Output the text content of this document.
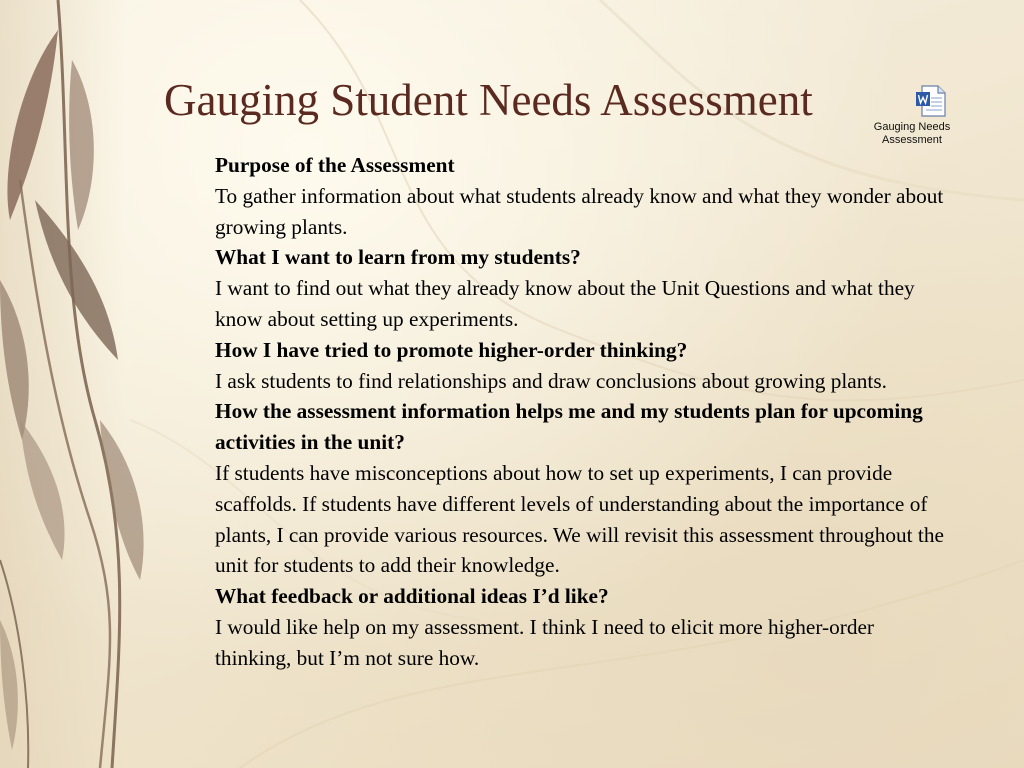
Gauging Student Needs Assessment
Gauging Needs
Assessment

Purpose of the Assessment

To gather information about what students already know and what they wonder about growing plants.

What I want to learn from my students?

I want to find out what they already know about the Unit Questions and what they know about setting up experiments.

How I have tried to promote higher-order thinking?

I ask students to find relationships and draw conclusions about growing plants.

How the assessment information helps me and my students plan for upcoming activities in the unit?

If students have misconceptions about how to set up experiments, I can provide scaffolds. If students have different levels of understanding about the importance of plants, I can provide various resources. We will revisit this assessment throughout the unit for students to add their knowledge.

What feedback or additional ideas I’d like?

I would like help on my assessment. I think I need to elicit more higher-order thinking, but I’m not sure how.
